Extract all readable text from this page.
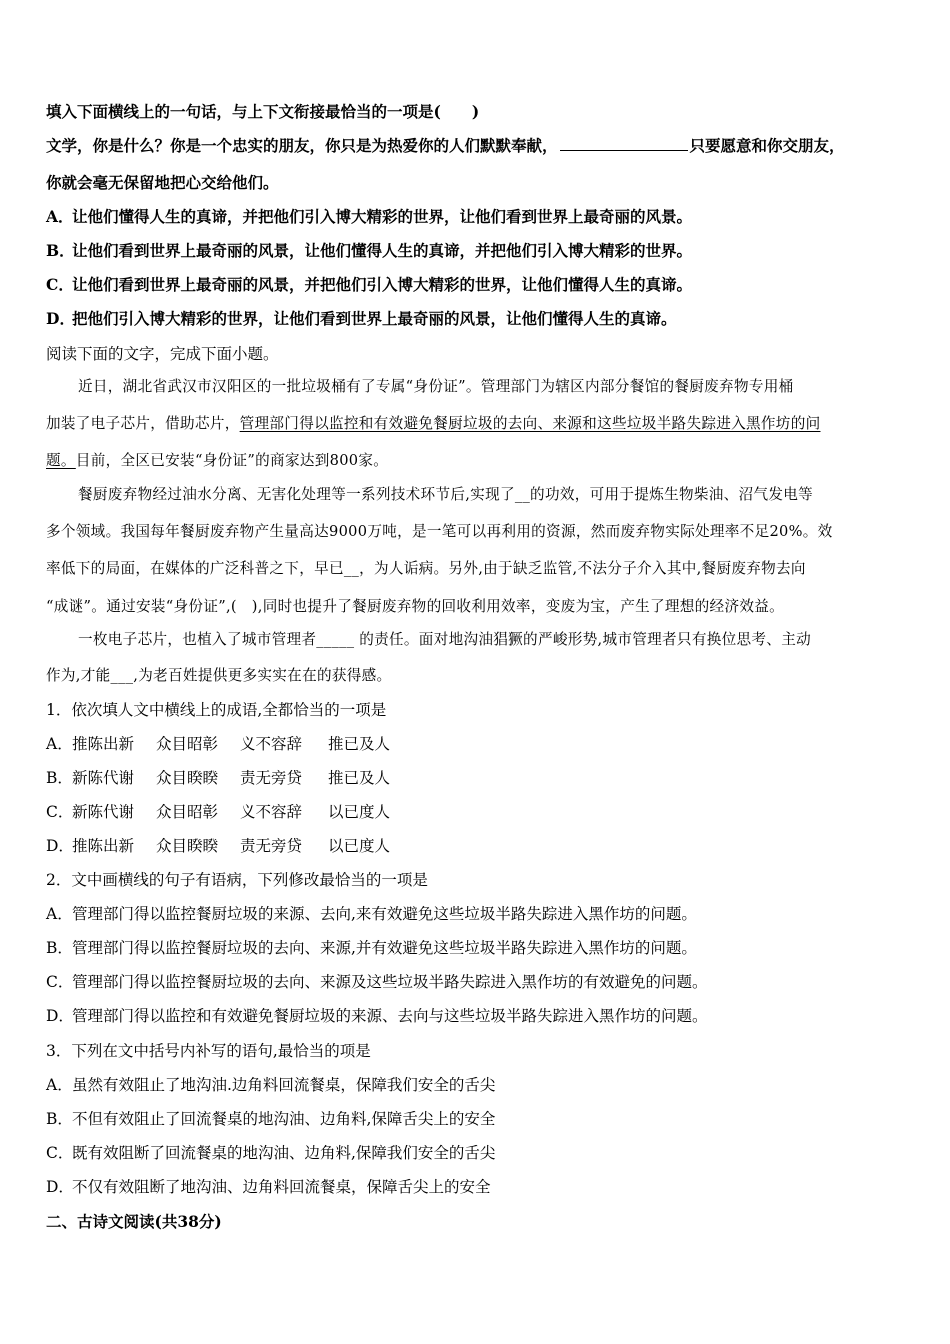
填入下面横线上的一句话，与上下文衔接最恰当的一项是(　　)
文学，你是什么？你是一个忠实的朋友，你只是为热爱你的人们默默奉献，	只要愿意和你交朋友，
你就会毫无保留地把心交给他们。
A．让他们懂得人生的真谛，并把他们引入博大精彩的世界，让他们看到世界上最奇丽的风景。
B．让他们看到世界上最奇丽的风景，让他们懂得人生的真谛，并把他们引入博大精彩的世界。
C．让他们看到世界上最奇丽的风景，并把他们引入博大精彩的世界，让他们懂得人生的真谛。
D．把他们引入博大精彩的世界，让他们看到世界上最奇丽的风景，让他们懂得人生的真谛。
阅读下面的文字，完成下面小题。
近日，湖北省武汉市汉阳区的一批垃圾桶有了专属“身份证”。管理部门为辖区内部分餐馆的餐厨废弃物专用桶
加装了电子芯片，借助芯片，管理部门得以监控和有效避免餐厨垃圾的去向、来源和这些垃圾半路失踪进入黑作坊的问
题。目前，全区已安装“身份证”的商家达到800家。
餐厨废弃物经过油水分离、无害化处理等一系列技术环节后,实现了__的功效，可用于提炼生物柴油、沼气发电等
多个领域。我国每年餐厨废弃物产生量高达9000万吨，是一笔可以再利用的资源，然而废弃物实际处理率不足20%。效
率低下的局面，在媒体的广泛科普之下，早已__，为人诟病。另外,由于缺乏监管,不法分子介入其中,餐厨废弃物去向
“成谜”。通过安装“身份证”,(　),同时也提升了餐厨废弃物的回收利用效率，变废为宝，产生了理想的经济效益。
一枚电子芯片，也植入了城市管理者_____ 的责任。面对地沟油猖獗的严峻形势,城市管理者只有换位思考、主动
作为,才能___,为老百姓提供更多实实在在的获得感。
1．依次填人文中横线上的成语,全都恰当的一项是
A．推陈出新 众目昭彰 义不容辞 推已及人
B．新陈代谢 众目睽睽 责无旁贷 推已及人
C．新陈代谢 众目昭彰 义不容辞 以已度人
D．推陈出新 众目睽睽 责无旁贷 以已度人
2．文中画横线的句子有语病，下列修改最恰当的一项是
A．管理部门得以监控餐厨垃圾的来源、去向,来有效避免这些垃圾半路失踪进入黑作坊的问题。
B．管理部门得以监控餐厨垃圾的去向、来源,并有效避免这些垃圾半路失踪进入黑作坊的问题。
C．管理部门得以监控餐厨垃圾的去向、来源及这些垃圾半路失踪进入黑作坊的有效避免的问题。
D．管理部门得以监控和有效避免餐厨垃圾的来源、去向与这些垃圾半路失踪进入黑作坊的问题。
3．下列在文中括号内补写的语句,最恰当的项是
A．虽然有效阻止了地沟油.边角料回流餐桌，保障我们安全的舌尖
B．不但有效阻止了回流餐桌的地沟油、边角料,保障舌尖上的安全
C．既有效阻断了回流餐桌的地沟油、边角料,保障我们安全的舌尖
D．不仅有效阻断了地沟油、边角料回流餐桌，保障舌尖上的安全
二、古诗文阅读(共38分)
